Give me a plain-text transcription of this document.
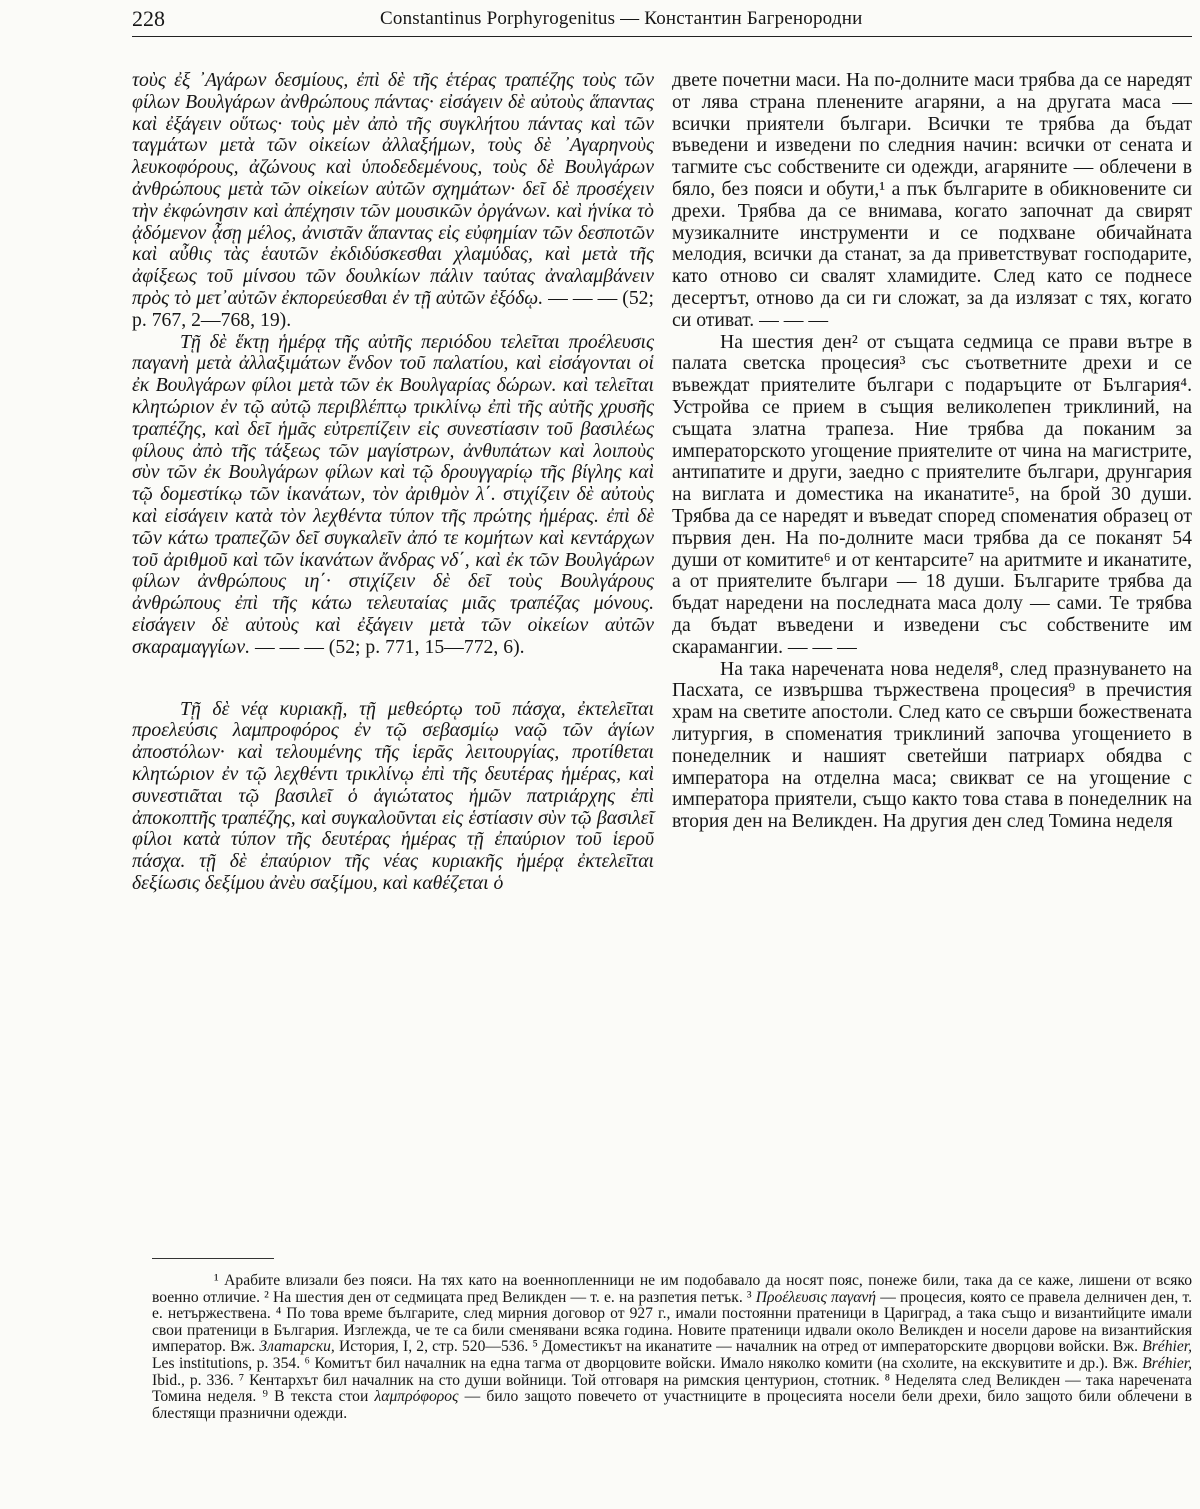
228	Constantinus Porphyrogenitus — Константин Багренородни

τοὺς ἐξ ᾿Αγάρων δεσμίους, ἐπὶ δὲ τῆς ἑτέρας τραπέζης τοὺς τῶν φίλων Βουλγάρων ἀνθρώπους πάντας· εἰσάγειν δὲ αὐτοὺς ἅπαντας καὶ ἐξάγειν οὕτως· τοὺς μὲν ἀπὸ τῆς συγκλήτου πάντας καὶ τῶν ταγμάτων μετὰ τῶν οἰκείων ἀλλαξήμων, τοὺς δὲ ᾿Αγαρηνοὺς λευκοφόρους, ἀζώνους καὶ ὑποδεδεμένους, τοὺς δὲ Βουλγάρων ἀνθρώπους μετὰ τῶν οἰκείων αὐτῶν σχημάτων· δεῖ δὲ προσέχειν τὴν ἐκφώνησιν καὶ ἀπέχησιν τῶν μουσικῶν ὀργάνων. καὶ ἡνίκα τὸ ᾀδόμενον ᾆσῃ μέλος, ἀνιστᾶν ἅπαντας εἰς εὐφημίαν τῶν δεσποτῶν καὶ αὖθις τὰς ἑαυτῶν ἐκδιδύσκεσθαι χλαμύδας, καὶ μετὰ τῆς ἀφίξεως τοῦ μίνσου τῶν δουλκίων πάλιν ταύτας ἀναλαμβάνειν πρὸς τὸ μετ᾿αὐτῶν ἐκπορεύεσθαι ἐν τῇ αὐτῶν ἐξόδῳ. — — — (52; p. 767, 2—768, 19).

Τῇ δὲ ἕκτῃ ἡμέρᾳ τῆς αὐτῆς περιόδου τελεῖται προέλευσις παγανὴ μετὰ ἀλλαξιμάτων ἔνδον τοῦ παλατίου, καὶ εἰσάγονται οἱ ἐκ Βουλγάρων φίλοι μετὰ τῶν ἐκ Βουλγαρίας δώρων. καὶ τελεῖται κλητώριον ἐν τῷ αὐτῷ περιβλέπτῳ τρικλίνῳ ἐπὶ τῆς αὐτῆς χρυσῆς τραπέζης, καὶ δεῖ ἡμᾶς εὐτρεπίζειν εἰς συνεστίασιν τοῦ βασιλέως φίλους ἀπὸ τῆς τάξεως τῶν μαγίστρων, ἀνθυπάτων καὶ λοιποὺς σὺν τῶν ἐκ Βουλγάρων φίλων καὶ τῷ δρουγγαρίῳ τῆς βίγλης καὶ τῷ δομεστίκῳ τῶν ἱκανάτων, τὸν ἀριθμὸν λ΄. στιχίζειν δὲ αὐτοὺς καὶ εἰσάγειν κατὰ τὸν λεχθέντα τύπον τῆς πρώτης ἡμέρας. ἐπὶ δὲ τῶν κάτω τραπεζῶν δεῖ συγκαλεῖν ἀπό τε κομήτων καὶ κεντάρχων τοῦ ἀριθμοῦ καὶ τῶν ἱκανάτων ἄνδρας νδ΄, καὶ ἐκ τῶν Βουλγάρων φίλων ἀνθρώπους ιη΄· στιχίζειν δὲ δεῖ τοὺς Βουλγάρους ἀνθρώπους ἐπὶ τῆς κάτω τελευταίας μιᾶς τραπέζας μόνους. εἰσάγειν δὲ αὐτοὺς καὶ ἐξάγειν μετὰ τῶν οἰκείων αὐτῶν σκαραμαγγίων. — — — (52; p. 771, 15—772, 6).

Τῇ δὲ νέᾳ κυριακῇ, τῇ μεθεόρτῳ τοῦ πάσχα, ἐκτελεῖται προελεύσις λαμπροφόρος ἐν τῷ σεβασμίῳ ναῷ τῶν ἁγίων ἀποστόλων· καὶ τελουμένης τῆς ἱερᾶς λειτουργίας, προτίθεται κλητώριον ἐν τῷ λεχθέντι τρικλίνῳ ἐπὶ τῆς δευτέρας ἡμέρας, καὶ συνεστιᾶται τῷ βασιλεῖ ὁ ἁγιώτατος ἡμῶν πατριάρχης ἐπὶ ἀποκοπτῆς τραπέζης, καὶ συγκαλοῦνται εἰς ἑστίασιν σὺν τῷ βασιλεῖ φίλοι κατὰ τύπον τῆς δευτέρας ἡμέρας τῇ ἐπαύριον τοῦ ἱεροῦ πάσχα. τῇ δὲ ἐπαύριον τῆς νέας κυριακῆς ἡμέρᾳ ἐκτελεῖται δεξίωσις δεξίμου ἀνὲυ σαξίμου, καὶ καθέζεται ὁ

двете почетни маси. На по-долните маси трябва да се наредят от лява страна пленените агаряни, а на другата маса — всички приятели българи. Всички те трябва да бъдат въведени и изведени по следния начин: всички от сената и тагмите със собствените си одежди, агаряните — облечени в бяло, без пояси и обути,¹ а пък българите в обикновените си дрехи. Трябва да се внимава, когато започнат да свирят музикалните инструменти и се подхване обичайната мелодия, всички да станат, за да приветствуват господарите, като отново си свалят хламидите. След като се поднесе десертът, отново да си ги сложат, за да излязат с тях, когато си отиват. — — —

На шестия ден² от същата седмица се прави вътре в палата светска процесия³ със съответните дрехи и се въвеждат приятелите българи с подаръците от България⁴. Устройва се прием в същия великолепен триклиний, на същата златна трапеза. Ние трябва да поканим за императорското угощение приятелите от чина на магистрите, антипатите и други, заедно с приятелите българи, друнгария на виглата и доместика на иканатите⁵, на брой 30 души. Трябва да се наредят и въведат според споменатия образец от първия ден. На по-долните маси трябва да се поканят 54 души от комитите⁶ и от кентарситe⁷ на аритмите и иканатите, а от приятелите българи — 18 души. Българите трябва да бъдат наредени на последната маса долу — сами. Те трябва да бъдат въведени и изведени със собствените им скарамангии. — — —

На така наречената нова неделя⁸, след празнуването на Пасхата, се извършва тържествена процесия⁹ в пречистия храм на светите апостоли. След като се свърши божествената литургия, в споменатия триклиний започва угощението в понеделник и нашият светейши патриарх обядва с императора на отделна маса; свикват се на угощение с императора приятели, също както това става в понеделник на втория ден на Великден. На другия ден след Томина неделя

¹ Арабите влизали без пояси. На тях като на военнопленници не им подобавало да носят пояс, понеже били, така да се каже, лишени от всяко военно отличие. ² На шестия ден от седмицата пред Великден — т. е. на разпетия петък. ³ Προέλευσις παγανή — процесия, която се правела делничен ден, т. е. нетържествена. ⁴ По това време българите, след мирния договор от 927 г., имали постоянни пратеници в Цариград, а така също и византийците имали свои пратеници в България. Изглежда, че те са били сменявани всяка година. Новите пратеници идвали около Великден и носели дарове на византийския император. Вж. Златарски, История, I, 2, стр. 520—536. ⁵ Доместикът на иканатите — началник на отред от императорските дворцови войски. Вж. Bréhier, Les institutions, p. 354. ⁶ Комитът бил началник на една тагма от дворцовите войски. Имало няколко комити (на схолите, на екскувитите и др.). Вж. Bréhier, Ibid., p. 336. ⁷ Кентархът бил началник на сто души войници. Той отговаря на римския центурион, стотник. ⁸ Неделята след Великден — така наречената Томина неделя. ⁹ В текста стои λαμπρόφορος — било защото повечето от участниците в процесията носели бели дрехи, било защото били облечени в блестящи празнични одежди.
